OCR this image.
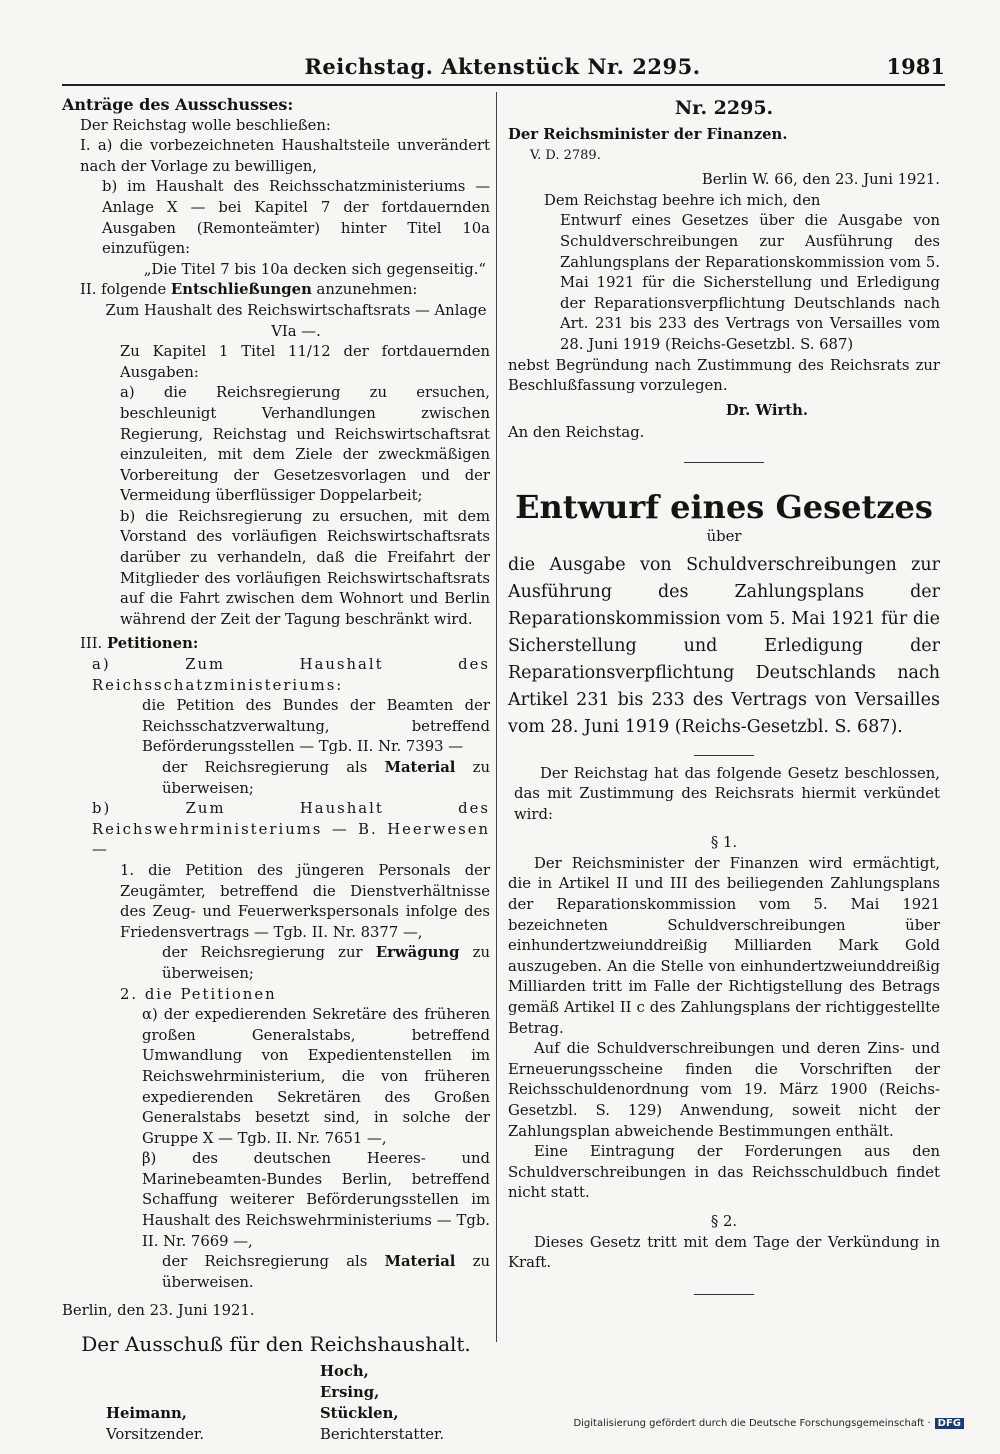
Reichstag. Aktenstück Nr. 2295.	1981

Anträge des Ausschusses:

Der Reichstag wolle beschließen:

I. a) die vorbezeichneten Haushaltsteile unverändert nach der Vorlage zu bewilligen,

b) im Haushalt des Reichsschatzministeriums — Anlage X — bei Kapitel 7 der fortdauernden Ausgaben (Remonteämter) hinter Titel 10a einzufügen:

„Die Titel 7 bis 10a decken sich gegenseitig.“

II. folgende Entschließungen anzunehmen:

Zum Haushalt des Reichswirtschaftsrats — Anlage VIa —.

Zu Kapitel 1 Titel 11/12 der fortdauernden Ausgaben:

a) die Reichsregierung zu ersuchen, beschleunigt Verhandlungen zwischen Regierung, Reichstag und Reichswirtschaftsrat einzuleiten, mit dem Ziele der zweckmäßigen Vorbereitung der Gesetzesvorlagen und der Vermeidung überflüssiger Doppelarbeit;

b) die Reichsregierung zu ersuchen, mit dem Vorstand des vorläufigen Reichswirtschaftsrats darüber zu verhandeln, daß die Freifahrt der Mitglieder des vorläufigen Reichswirtschaftsrats auf die Fahrt zwischen dem Wohnort und Berlin während der Zeit der Tagung beschränkt wird.

III. Petitionen:

a) Zum Haushalt des Reichsschatzministeriums:

die Petition des Bundes der Beamten der Reichsschatzverwaltung, betreffend Beförderungsstellen — Tgb. II. Nr. 7393 —

der Reichsregierung als Material zu überweisen;

b) Zum Haushalt des Reichswehrministeriums — B. Heerwesen —

1. die Petition des jüngeren Personals der Zeugämter, betreffend die Dienstverhältnisse des Zeug- und Feuerwerkspersonals infolge des Friedensvertrags — Tgb. II. Nr. 8377 —,

der Reichsregierung zur Erwägung zu überweisen;

2. die Petitionen

α) der expedierenden Sekretäre des früheren großen Generalstabs, betreffend Umwandlung von Expedientenstellen im Reichswehrministerium, die von früheren expedierenden Sekretären des Großen Generalstabs besetzt sind, in solche der Gruppe X — Tgb. II. Nr. 7651 —,

β) des deutschen Heeres- und Marinebeamten-Bundes Berlin, betreffend Schaffung weiterer Beförderungsstellen im Haushalt des Reichswehrministeriums — Tgb. II. Nr. 7669 —,

der Reichsregierung als Material zu überweisen.

Berlin, den 23. Juni 1921.

Der Ausschuß für den Reichshaushalt.

Hoch,
Ersing,
Heimann,	Stücklen,
Vorsitzender.	Berichterstatter.

Nr. 2295.

Der Reichsminister der Finanzen.

V. D. 2789.

Berlin W. 66, den 23. Juni 1921.

Dem Reichstag beehre ich mich, den

Entwurf eines Gesetzes über die Ausgabe von Schuldverschreibungen zur Ausführung des Zahlungsplans der Reparationskommission vom 5. Mai 1921 für die Sicherstellung und Erledigung der Reparationsverpflichtung Deutschlands nach Art. 231 bis 233 des Vertrags von Versailles vom 28. Juni 1919 (Reichs-Gesetzbl. S. 687)

nebst Begründung nach Zustimmung des Reichsrats zur Beschlußfassung vorzulegen.

Dr. Wirth.

An den Reichstag.

Entwurf eines Gesetzes

über

die Ausgabe von Schuldverschreibungen zur Ausführung des Zahlungsplans der Reparationskommission vom 5. Mai 1921 für die Sicherstellung und Erledigung der Reparationsverpflichtung Deutschlands nach Artikel 231 bis 233 des Vertrags von Versailles vom 28. Juni 1919 (Reichs-Gesetzbl. S. 687).

Der Reichstag hat das folgende Gesetz beschlossen, das mit Zustimmung des Reichsrats hiermit verkündet wird:

§ 1.

Der Reichsminister der Finanzen wird ermächtigt, die in Artikel II und III des beiliegenden Zahlungsplans der Reparationskommission vom 5. Mai 1921 bezeichneten Schuldverschreibungen über einhundertzweiunddreißig Milliarden Mark Gold auszugeben. An die Stelle von einhundertzweiunddreißig Milliarden tritt im Falle der Richtigstellung des Betrags gemäß Artikel II c des Zahlungsplans der richtiggestellte Betrag.

Auf die Schuldverschreibungen und deren Zins- und Erneuerungsscheine finden die Vorschriften der Reichsschuldenordnung vom 19. März 1900 (Reichs-Gesetzbl. S. 129) Anwendung, soweit nicht der Zahlungsplan abweichende Bestimmungen enthält.

Eine Eintragung der Forderungen aus den Schuldverschreibungen in das Reichsschuldbuch findet nicht statt.

§ 2.

Dieses Gesetz tritt mit dem Tage der Verkündung in Kraft.

Digitalisierung gefördert durch die Deutsche Forschungsgemeinschaft · DFG
